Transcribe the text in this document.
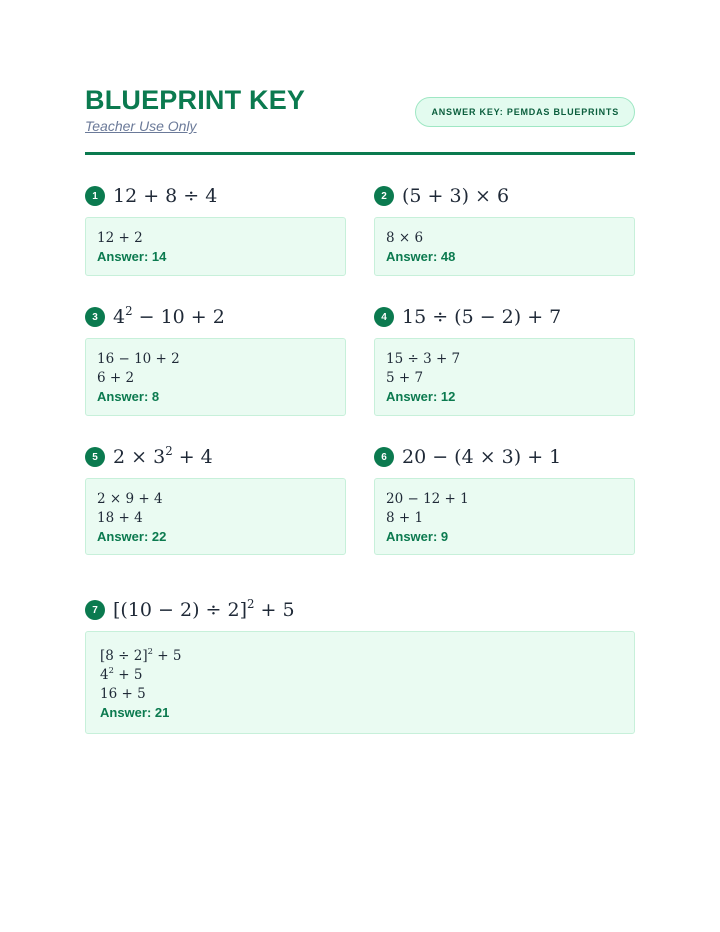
BLUEPRINT KEY
Teacher Use Only
ANSWER KEY: PEMDAS BLUEPRINTS
1 12 + 8 ÷ 4
12 + 2
Answer: 14
2 (5 + 3) × 6
8 × 6
Answer: 48
3 $4^2 - 10 + 2$
16 − 10 + 2
6 + 2
Answer: 8
4 15 ÷ (5 − 2) + 7
15 ÷ 3 + 7
5 + 7
Answer: 12
5 $2 \times 3^2 + 4$
2 × 9 + 4
18 + 4
Answer: 22
6 20 − (4 × 3) + 1
20 − 12 + 1
8 + 1
Answer: 9
7 $[(10 - 2) \div 2]^2 + 5$
$[8 \div 2]^2 + 5$
$4^2 + 5$
16 + 5
Answer: 21
